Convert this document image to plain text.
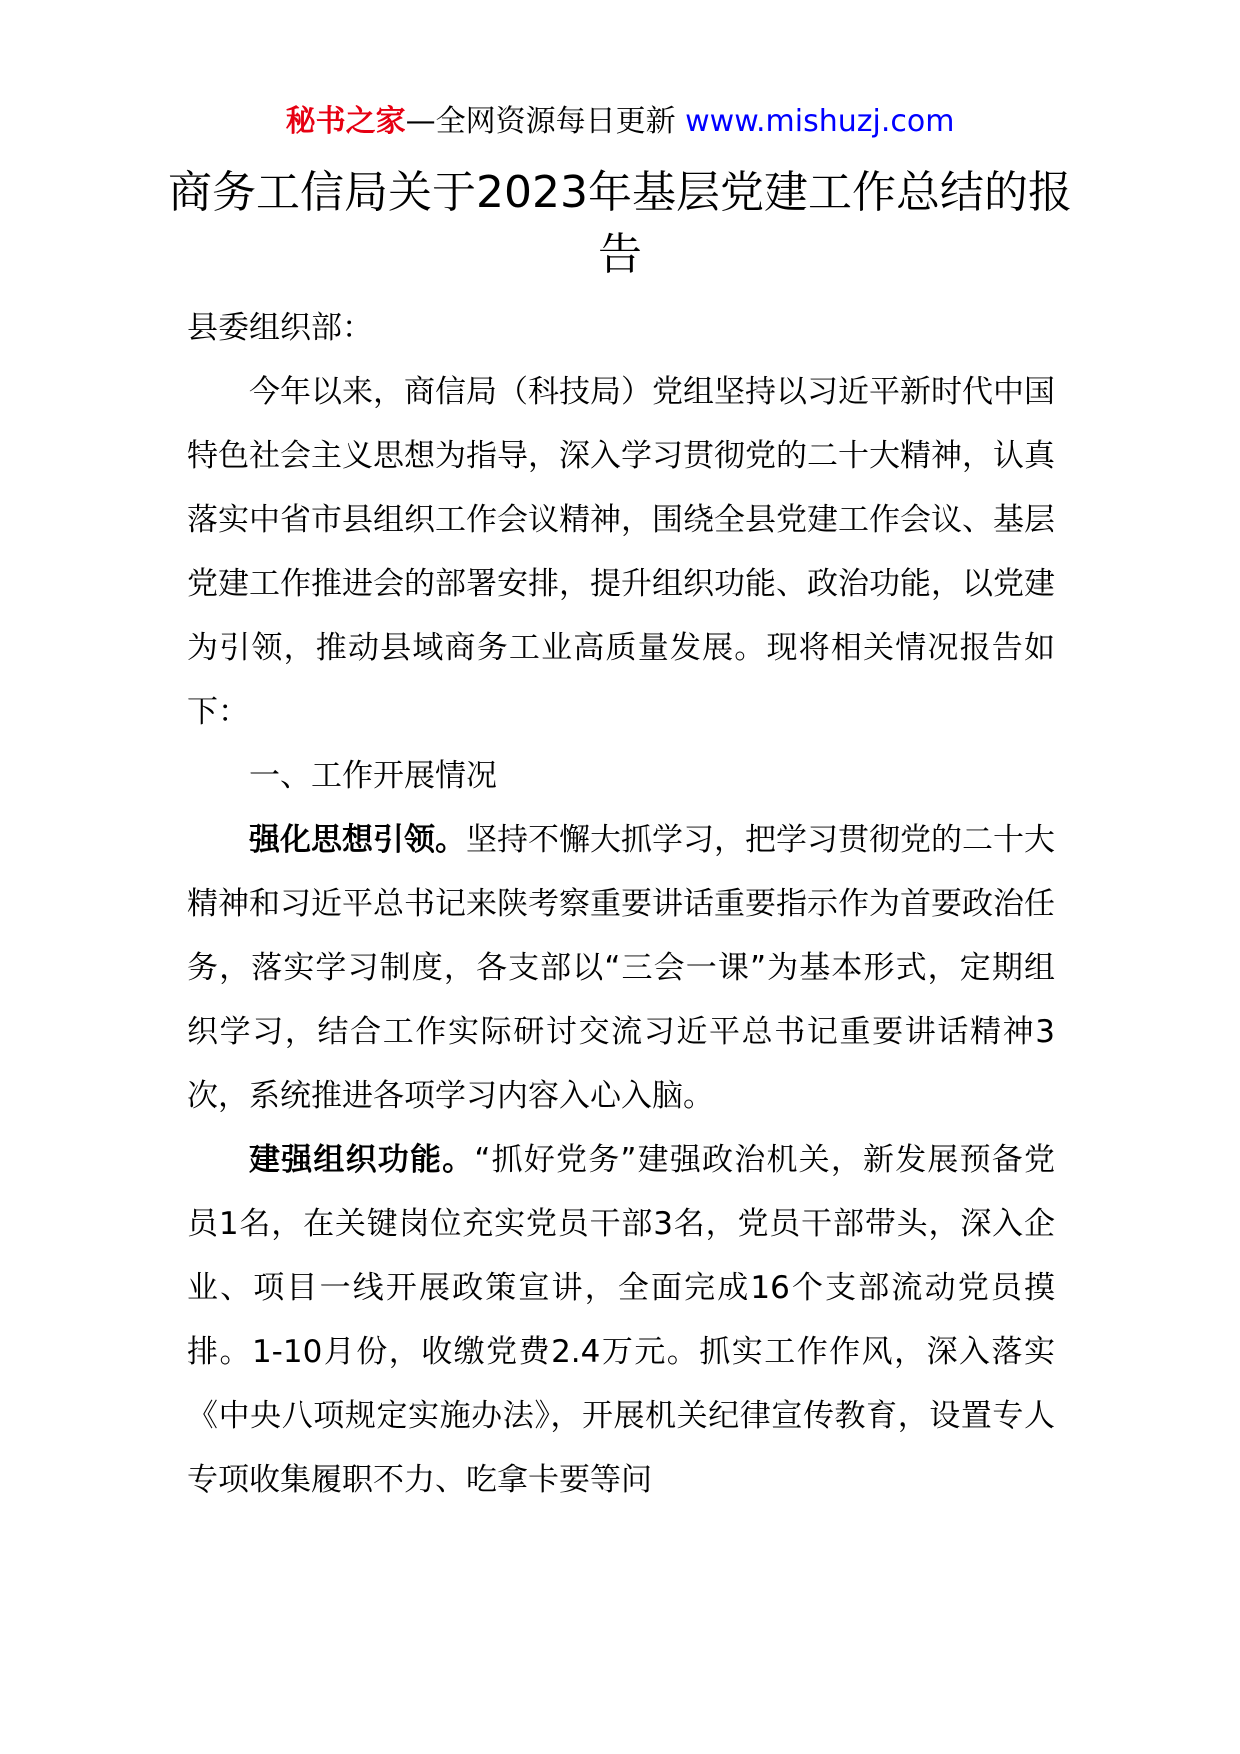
秘书之家—全网资源每日更新 www.mishuzj.com
商务工信局关于2023年基层党建工作总结的报告

县委组织部：

今年以来，商信局（科技局）党组坚持以习近平新时代中国特色社会主义思想为指导，深入学习贯彻党的二十大精神，认真落实中省市县组织工作会议精神，围绕全县党建工作会议、基层党建工作推进会的部署安排，提升组织功能、政治功能，以党建为引领，推动县域商务工业高质量发展。现将相关情况报告如下：

一、工作开展情况

强化思想引领。坚持不懈大抓学习，把学习贯彻党的二十大精神和习近平总书记来陕考察重要讲话重要指示作为首要政治任务，落实学习制度，各支部以“三会一课”为基本形式，定期组织学习，结合工作实际研讨交流习近平总书记重要讲话精神3次，系统推进各项学习内容入心入脑。

建强组织功能。“抓好党务”建强政治机关，新发展预备党员1名，在关键岗位充实党员干部3名，党员干部带头，深入企业、项目一线开展政策宣讲，全面完成16个支部流动党员摸排。1-10月份，收缴党费2.4万元。抓实工作作风，深入落实《中央八项规定实施办法》，开展机关纪律宣传教育，设置专人专项收集履职不力、吃拿卡要等问
